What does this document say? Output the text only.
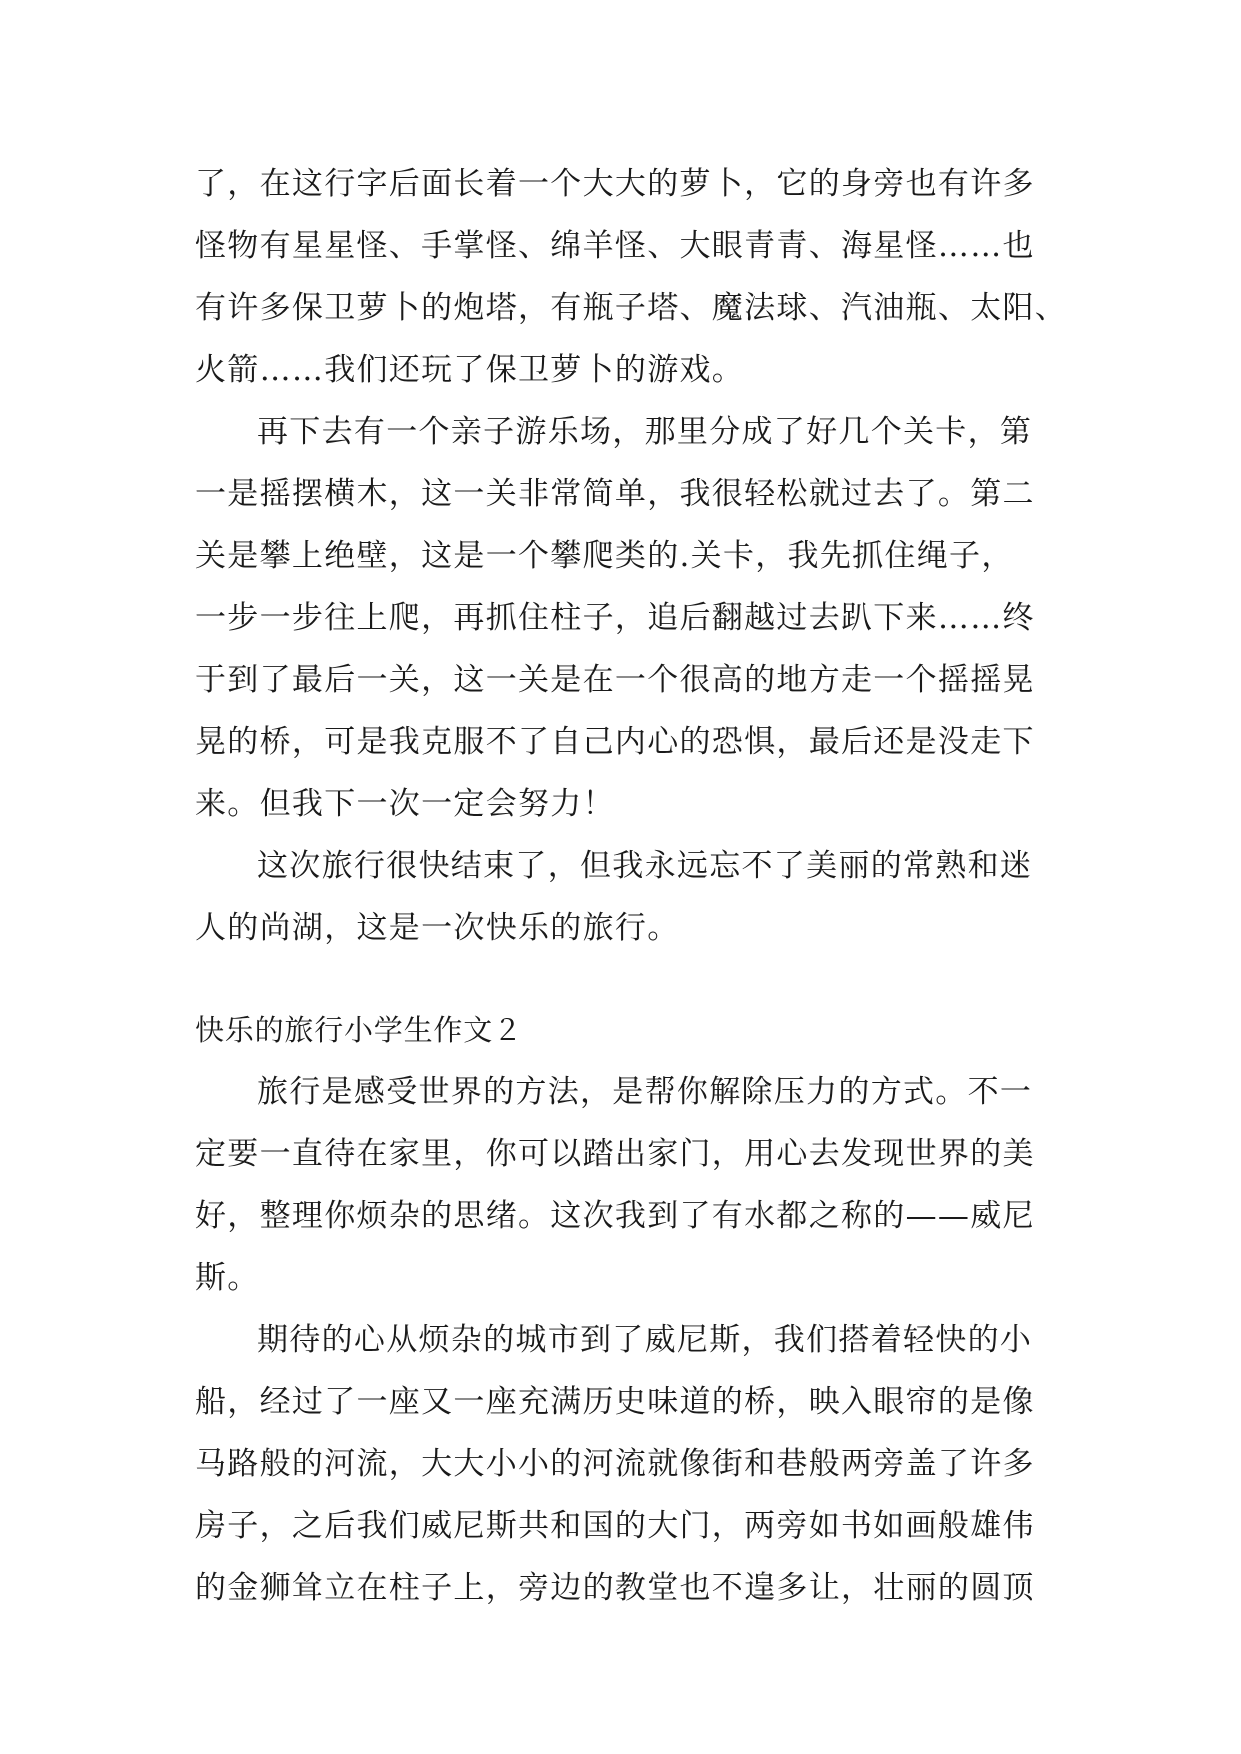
了，在这行字后面长着一个大大的萝卜，它的身旁也有许多
怪物有星星怪、手掌怪、绵羊怪、大眼青青、海星怪……也
有许多保卫萝卜的炮塔，有瓶子塔、魔法球、汽油瓶、太阳、
火箭……我们还玩了保卫萝卜的游戏。
再下去有一个亲子游乐场，那里分成了好几个关卡，第
一是摇摆横木，这一关非常简单，我很轻松就过去了。第二
关是攀上绝壁，这是一个攀爬类的.关卡，我先抓住绳子，
一步一步往上爬，再抓住柱子，追后翻越过去趴下来……终
于到了最后一关，这一关是在一个很高的地方走一个摇摇晃
晃的桥，可是我克服不了自己内心的恐惧，最后还是没走下
来。但我下一次一定会努力！
这次旅行很快结束了，但我永远忘不了美丽的常熟和迷
人的尚湖，这是一次快乐的旅行。
快乐的旅行小学生作文２
旅行是感受世界的方法，是帮你解除压力的方式。不一
定要一直待在家里，你可以踏出家门，用心去发现世界的美
好，整理你烦杂的思绪。这次我到了有水都之称的——威尼
斯。
期待的心从烦杂的城市到了威尼斯，我们搭着轻快的小
船，经过了一座又一座充满历史味道的桥，映入眼帘的是像
马路般的河流，大大小小的河流就像街和巷般两旁盖了许多
房子，之后我们威尼斯共和国的大门，两旁如书如画般雄伟
的金狮耸立在柱子上，旁边的教堂也不遑多让，壮丽的圆顶
